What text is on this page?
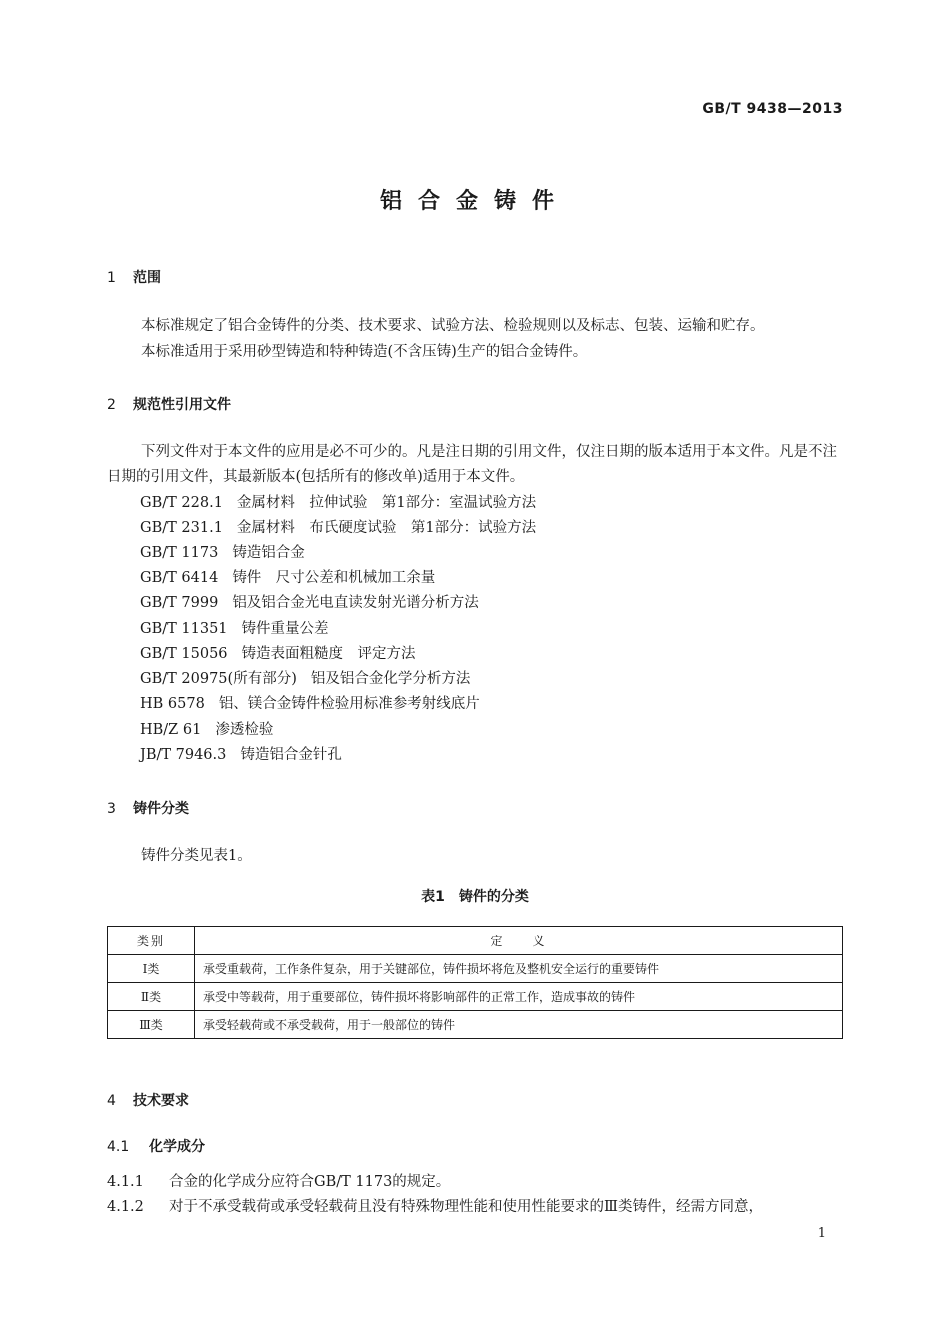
GB/T 9438—2013
铝合金铸件
1 范围
本标准规定了铝合金铸件的分类、技术要求、试验方法、检验规则以及标志、包装、运输和贮存。
本标准适用于采用砂型铸造和特种铸造(不含压铸)生产的铝合金铸件。
2 规范性引用文件
下列文件对于本文件的应用是必不可少的。凡是注日期的引用文件，仅注日期的版本适用于本文件。凡是不注日期的引用文件，其最新版本(包括所有的修改单)适用于本文件。
GB/T 228.1 金属材料　拉伸试验　第1部分：室温试验方法
GB/T 231.1 金属材料　布氏硬度试验　第1部分：试验方法
GB/T 1173 铸造铝合金
GB/T 6414 铸件　尺寸公差和机械加工余量
GB/T 7999 铝及铝合金光电直读发射光谱分析方法
GB/T 11351 铸件重量公差
GB/T 15056 铸造表面粗糙度　评定方法
GB/T 20975(所有部分) 铝及铝合金化学分析方法
HB 6578 铝、镁合金铸件检验用标准参考射线底片
HB/Z 61 渗透检验
JB/T 7946.3 铸造铝合金针孔
3 铸件分类
铸件分类见表1。
表1　铸件的分类
类别	定　　义
Ⅰ类	承受重载荷，工作条件复杂，用于关键部位，铸件损坏将危及整机安全运行的重要铸件
Ⅱ类	承受中等载荷，用于重要部位，铸件损坏将影响部件的正常工作，造成事故的铸件
Ⅲ类	承受轻载荷或不承受载荷，用于一般部位的铸件
4 技术要求
4.1 化学成分
4.1.1 合金的化学成分应符合GB/T 1173的规定。
4.1.2 对于不承受载荷或承受轻载荷且没有特殊物理性能和使用性能要求的Ⅲ类铸件，经需方同意，
1
